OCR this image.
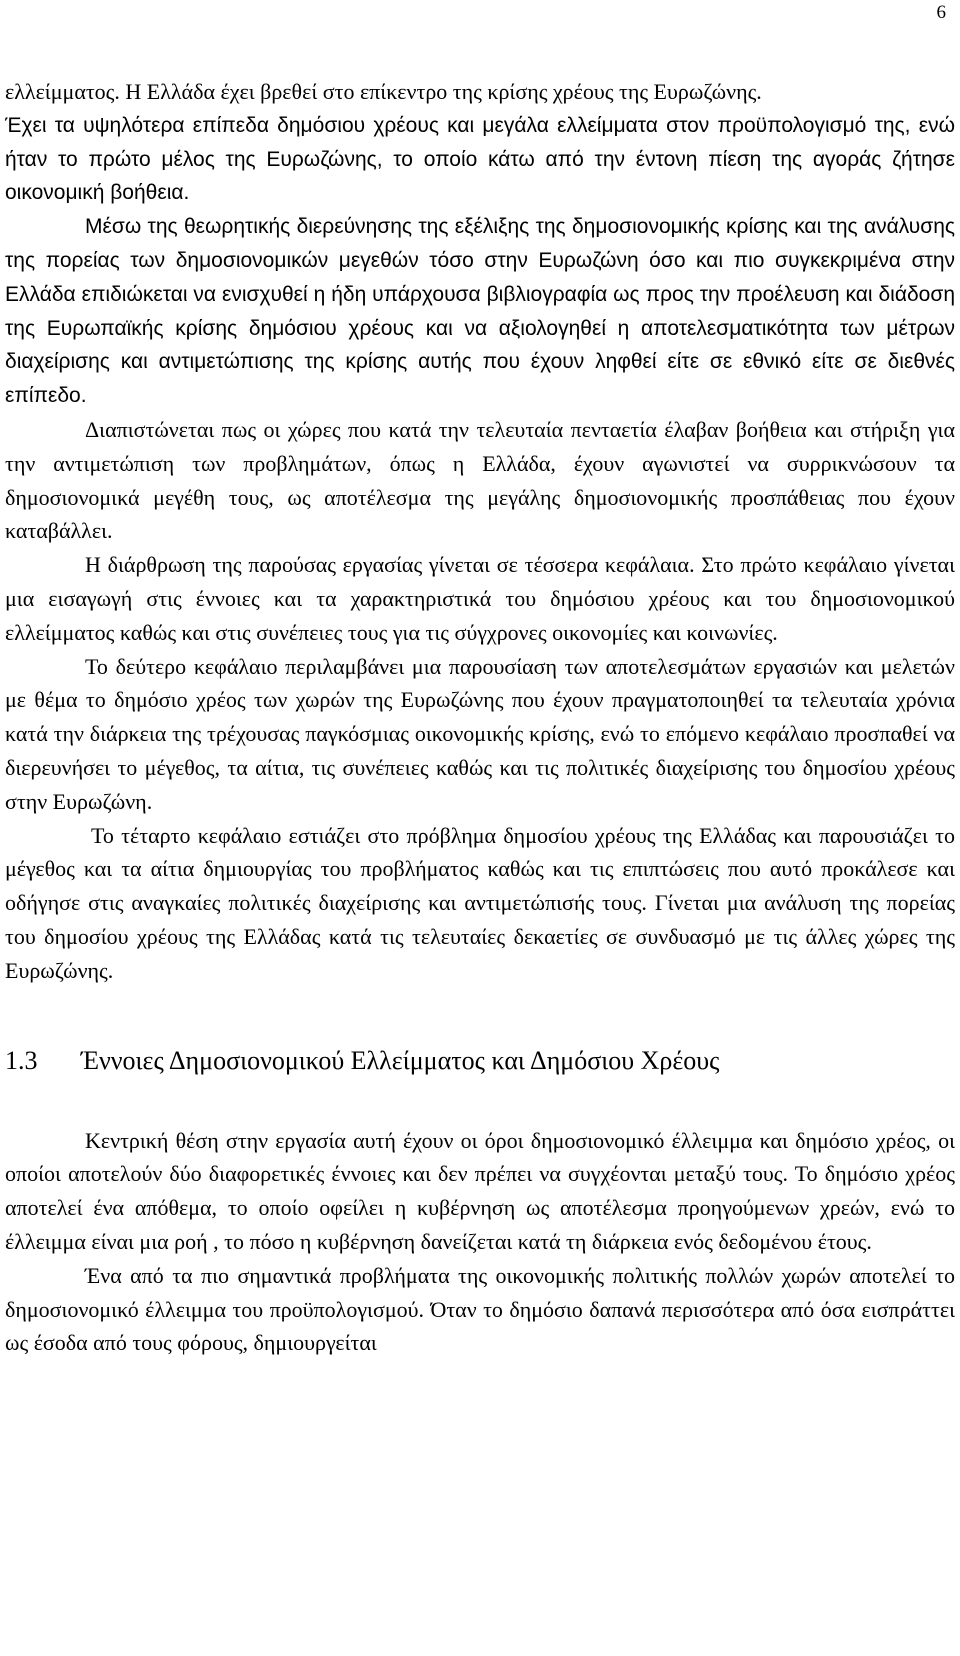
6

ελλείμματος. Η Ελλάδα έχει βρεθεί στο επίκεντρο της κρίσης χρέους της Ευρωζώνης.

Έχει τα υψηλότερα επίπεδα δημόσιου χρέους και μεγάλα ελλείμματα στον προϋπολογισμό της, ενώ ήταν το πρώτο μέλος της Ευρωζώνης, το οποίο κάτω από την έντονη πίεση της αγοράς ζήτησε οικονομική βοήθεια.

Μέσω της θεωρητικής διερεύνησης της εξέλιξης της δημοσιονομικής κρίσης και της ανάλυσης της πορείας των δημοσιονομικών μεγεθών τόσο στην Ευρωζώνη όσο και πιο συγκεκριμένα στην Ελλάδα επιδιώκεται να ενισχυθεί η ήδη υπάρχουσα βιβλιογραφία ως προς την προέλευση και διάδοση της Ευρωπαϊκής κρίσης δημόσιου χρέους και να αξιολογηθεί η αποτελεσματικότητα των μέτρων διαχείρισης και αντιμετώπισης της κρίσης αυτής που έχουν ληφθεί είτε σε εθνικό είτε σε διεθνές επίπεδο.

Διαπιστώνεται πως οι χώρες που κατά την τελευταία πενταετία έλαβαν βοήθεια και στήριξη για την αντιμετώπιση των προβλημάτων, όπως η Ελλάδα, έχουν αγωνιστεί να συρρικνώσουν τα δημοσιονομικά μεγέθη τους, ως αποτέλεσμα της μεγάλης δημοσιονομικής προσπάθειας που έχουν καταβάλλει.

Η διάρθρωση της παρούσας εργασίας γίνεται σε τέσσερα κεφάλαια. Στο πρώτο κεφάλαιο γίνεται μια εισαγωγή στις έννοιες και τα χαρακτηριστικά του δημόσιου χρέους και του δημοσιονομικού ελλείμματος καθώς και στις συνέπειες τους για τις σύγχρονες οικονομίες και κοινωνίες.

Το δεύτερο κεφάλαιο περιλαμβάνει μια παρουσίαση των αποτελεσμάτων εργασιών και μελετών με θέμα το δημόσιο χρέος των χωρών της Ευρωζώνης που έχουν πραγματοποιηθεί τα τελευταία χρόνια κατά την διάρκεια της τρέχουσας παγκόσμιας οικονομικής κρίσης, ενώ το επόμενο κεφάλαιο προσπαθεί να διερευνήσει το μέγεθος, τα αίτια, τις συνέπειες καθώς και τις πολιτικές διαχείρισης του δημοσίου χρέους στην Ευρωζώνη.

Το τέταρτο κεφάλαιο εστιάζει στο πρόβλημα δημοσίου χρέους της Ελλάδας και παρουσιάζει το μέγεθος και τα αίτια δημιουργίας του προβλήματος καθώς και τις επιπτώσεις που αυτό προκάλεσε και οδήγησε στις αναγκαίες πολιτικές διαχείρισης και αντιμετώπισής τους. Γίνεται μια ανάλυση της πορείας του δημοσίου χρέους της Ελλάδας κατά τις τελευταίες δεκαετίες σε συνδυασμό με τις άλλες χώρες της Ευρωζώνης.

1.3 Έννοιες Δημοσιονομικού Ελλείμματος και Δημόσιου Χρέους

Κεντρική θέση στην εργασία αυτή έχουν οι όροι δημοσιονομικό έλλειμμα και δημόσιο χρέος, οι οποίοι αποτελούν δύο διαφορετικές έννοιες και δεν πρέπει να συγχέονται μεταξύ τους. Το δημόσιο χρέος αποτελεί ένα απόθεμα, το οποίο οφείλει η κυβέρνηση ως αποτέλεσμα προηγούμενων χρεών, ενώ το έλλειμμα είναι μια ροή , το πόσο η κυβέρνηση δανείζεται κατά τη διάρκεια ενός δεδομένου έτους.

Ένα από τα πιο σημαντικά προβλήματα της οικονομικής πολιτικής πολλών χωρών αποτελεί το δημοσιονομικό έλλειμμα του προϋπολογισμού. Όταν το δημόσιο δαπανά περισσότερα από όσα εισπράττει ως έσοδα από τους φόρους, δημιουργείται
